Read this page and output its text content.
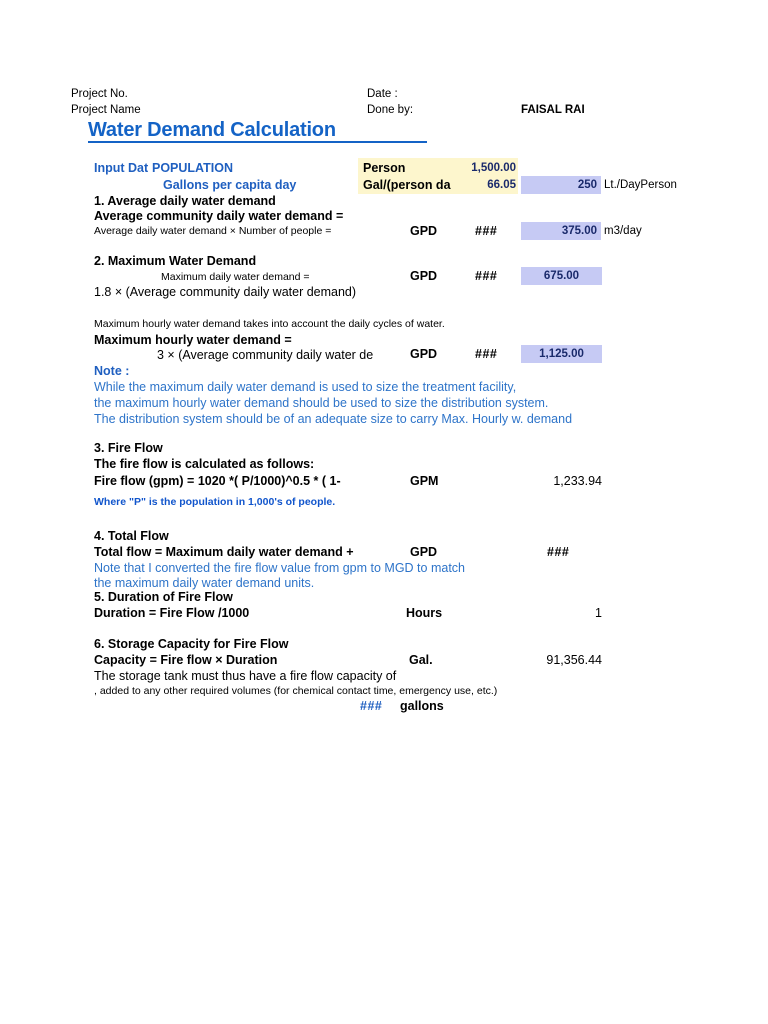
Project No.
Project Name
Date :
Done by:	FAISAL RAI
Water Demand Calculation
Input Dat POPULATION
Gallons per capita day
Person	1,500.00
Gal/(person da	66.05	250 Lt./DayPerson
1. Average daily water demand
Average community daily water demand =
Average daily water demand × Number of people =	GPD	###	375.00 m3/day
2. Maximum Water Demand
Maximum daily water demand =	GPD	###	675.00
1.8 × (Average community daily water demand)
Maximum hourly water demand takes into account the daily cycles of water.
Maximum hourly water demand =
3 × (Average community daily water de	GPD	###	1,125.00
Note :
While the maximum daily water demand is used to size the treatment facility,
the maximum hourly water demand should be used to size the distribution system.
The distribution system should be of an adequate size to carry Max. Hourly w. demand
3. Fire Flow
The fire flow is calculated as follows:
Fire flow (gpm) = 1020 *( P/1000)^0.5 * ( 1-	GPM	1,233.94
Where "P" is the population in 1,000's of people.
4. Total Flow
Total flow = Maximum daily water demand +	GPD	###
Note that I converted the fire flow value from gpm to MGD to match
the maximum daily water demand units.
5. Duration of Fire Flow
Duration = Fire Flow /1000	Hours	1
6. Storage Capacity for Fire Flow
Capacity = Fire flow × Duration	Gal.	91,356.44
The storage tank must thus have a fire flow capacity of
, added to any other required volumes (for chemical contact time, emergency use, etc.)
### gallons
